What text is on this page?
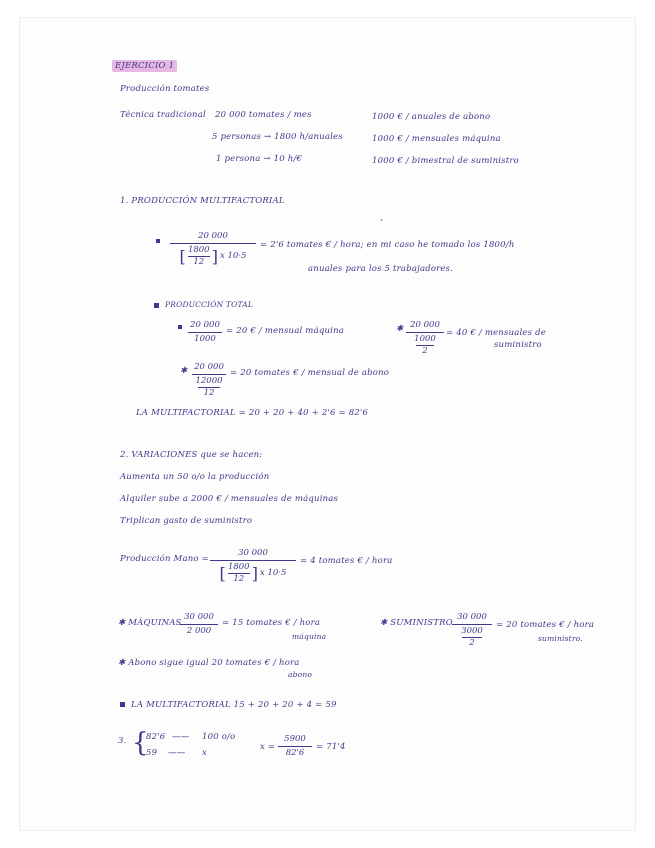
EJERCICIO 1
Producción tomates
Técnica tradicional 20 000 tomates / mes
5 personas → 1800 h/anuales
1 persona → 10 h/€
1000 € / anuales de abono
1000 € / mensuales máquina
1000 € / bimestral de suministro
1. PRODUCCIÓN MULTIFACTORIAL
’
20 000
[ 1800
12 ] x 10·5
= 2'6 tomates € / hora; en mi caso he tomado los 1800/h
anuales para los 5 trabajadores.
PRODUCCIÓN TOTAL
20 000
1000
= 20 € / mensual máquina	✱ 20 000
1000
2
= 40 € / mensuales de
suministro
✱ 20 000
12000
12
= 20 tomates € / mensual de abono
LA MULTIFACTORIAL = 20 + 20 + 40 + 2'6 = 82'6
2. VARIACIONES que se hacen:
Aumenta un 50 o/o la producción
Alquiler sube a 2000 € / mensuales de máquinas
Triplican gasto de suministro
Producción Mano =
30 000
[ 1800
12 ] x 10·5
= 4 tomates € / hora
✱ MÁQUINAS
30 000
2 000
= 15 tomates € / hora
máquina
✱ SUMINISTRO
30 000
3000
2
= 20 tomates € / hora
suministro.
✱ Abono sigue igual 20 tomates € / hora
abono
LA MULTIFACTORIAL 15 + 20 + 20 + 4 = 59
3. {
82'6 —— 100 o/o
59 —— x
x =
5900
82'6
= 71'4
